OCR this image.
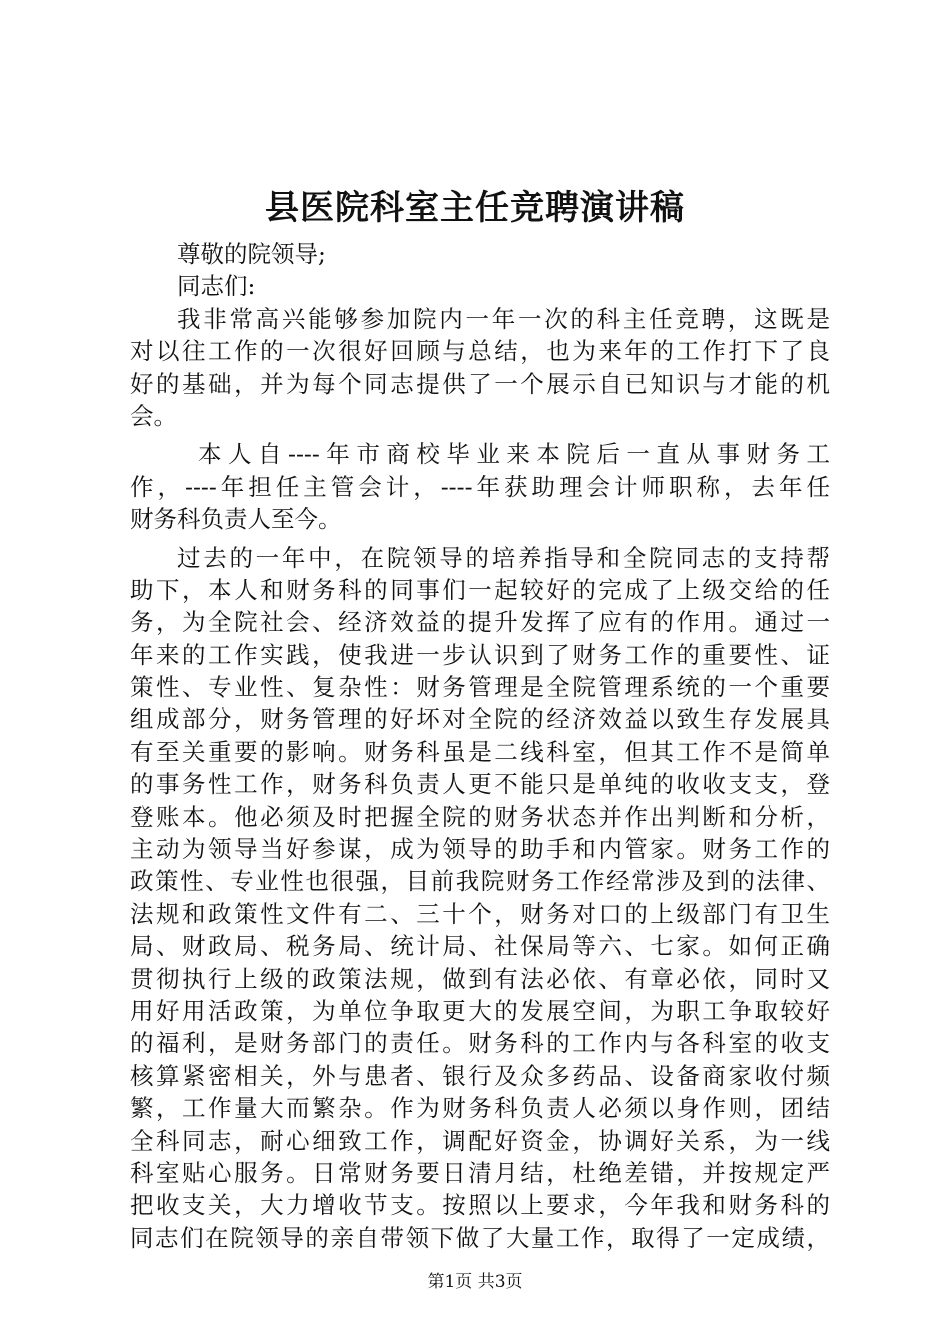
县医院科室主任竞聘演讲稿
尊敬的院领导;
同志们:
我非常高兴能够参加院内一年一次的科主任竞聘，这既是
对以往工作的一次很好回顾与总结，也为来年的工作打下了良
好的基础，并为每个同志提供了一个展示自已知识与才能的机
会。
本人自----年市商校毕业来本院后一直从事财务工
作，----年担任主管会计，----年获助理会计师职称，去年任
财务科负责人至今。
过去的一年中，在院领导的培养指导和全院同志的支持帮
助下，本人和财务科的同事们一起较好的完成了上级交给的任
务，为全院社会、经济效益的提升发挥了应有的作用。通过一
年来的工作实践，使我进一步认识到了财务工作的重要性、证
策性、专业性、复杂性：财务管理是全院管理系统的一个重要
组成部分，财务管理的好坏对全院的经济效益以致生存发展具
有至关重要的影响。财务科虽是二线科室，但其工作不是简单
的事务性工作，财务科负责人更不能只是单纯的收收支支，登
登账本。他必须及时把握全院的财务状态并作出判断和分析，
主动为领导当好参谋，成为领导的助手和内管家。财务工作的
政策性、专业性也很强，目前我院财务工作经常涉及到的法律、
法规和政策性文件有二、三十个，财务对口的上级部门有卫生
局、财政局、税务局、统计局、社保局等六、七家。如何正确
贯彻执行上级的政策法规，做到有法必依、有章必依，同时又
用好用活政策，为单位争取更大的发展空间，为职工争取较好
的福利，是财务部门的责任。财务科的工作内与各科室的收支
核算紧密相关，外与患者、银行及众多药品、设备商家收付频
繁，工作量大而繁杂。作为财务科负责人必须以身作则，团结
全科同志，耐心细致工作，调配好资金，协调好关系，为一线
科室贴心服务。日常财务要日清月结，杜绝差错，并按规定严
把收支关，大力增收节支。按照以上要求，今年我和财务科的
同志们在院领导的亲自带领下做了大量工作，取得了一定成绩，
第1页 共3页
